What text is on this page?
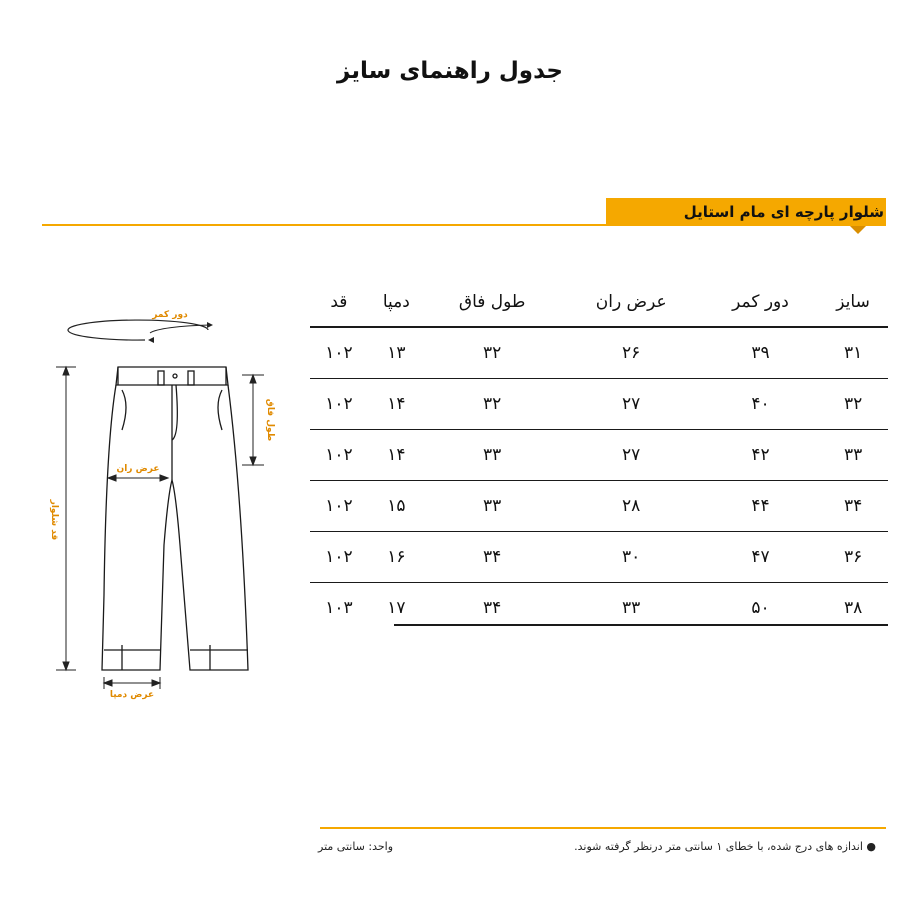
جدول راهنمای سایز
شلوار پارچه ای مام استایل
سایز	دور کمر	عرض ران	طول فاق	دمپا	قد
۳۱	۳۹	۲۶	۳۲	۱۳	۱۰۲
۳۲	۴۰	۲۷	۳۲	۱۴	۱۰۲
۳۳	۴۲	۲۷	۳۳	۱۴	۱۰۲
۳۴	۴۴	۲۸	۳۳	۱۵	۱۰۲
۳۶	۴۷	۳۰	۳۴	۱۶	۱۰۲
۳۸	۵۰	۳۳	۳۴	۱۷	۱۰۳
دور کمر
طول فاق
عرض ران
قد شلوار
عرض دمپا
● اندازه های درج شده، با خطای ۱ سانتی متر درنظر گرفته شوند.
واحد: سانتی متر
